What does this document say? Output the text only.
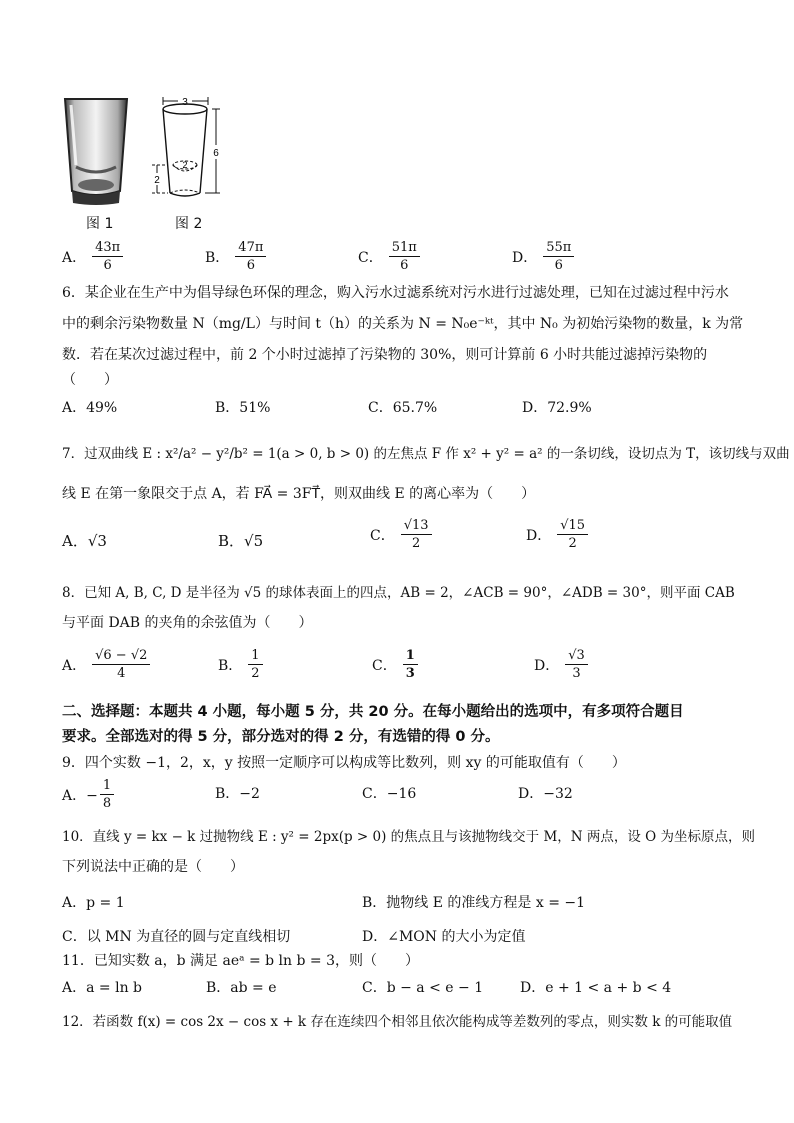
图 1
3
2
6
2
图 2
A． $\frac{43\pi}{6}$	B． $\frac{47\pi}{6}$	C． $\frac{51\pi}{6}$	D． $\frac{55\pi}{6}$
6．某企业在生产中为倡导绿色环保的理念，购入污水过滤系统对污水进行过滤处理，已知在过滤过程中污水
中的剩余污染物数量 N（mg/L）与时间 t（h）的关系为 N = N₀e⁻ᵏᵗ，其中 N₀ 为初始污染物的数量，k 为常
数．若在某次过滤过程中，前 2 个小时过滤掉了污染物的 30%，则可计算前 6 小时共能过滤掉污染物的
（　　）
A．49%	B．51%	C．65.7%	D．72.9%
7．过双曲线 E : x²/a² − y²/b² = 1(a > 0, b > 0) 的左焦点 F 作 x² + y² = a² 的一条切线，设切点为 T，该切线与双曲
线 E 在第一象限交于点 A，若 FA⃗ = 3FT⃗，则双曲线 E 的离心率为（　　）
A．√3	B．√5	C． $\frac{√13}{2}$	D． $\frac{√15}{2}$
8．已知 A, B, C, D 是半径为 √5 的球体表面上的四点，AB = 2，∠ACB = 90°，∠ADB = 30°，则平面 CAB
与平面 DAB 的夹角的余弦值为（　　）
A． $\frac{√6 - √2}{4}$	B． $\frac{1}{2}$	C． $\frac{1}{3}$	D． $\frac{√3}{3}$
二、选择题：本题共 4 小题，每小题 5 分，共 20 分。在每小题给出的选项中，有多项符合题目
要求。全部选对的得 5 分，部分选对的得 2 分，有选错的得 0 分。
9．四个实数 −1，2，x，y 按照一定顺序可以构成等比数列，则 xy 的可能取值有（　　）
A．− $\frac{1}{8}$	B．−2	C．−16	D．−32
10．直线 y = kx − k 过抛物线 E : y² = 2px(p > 0) 的焦点且与该抛物线交于 M，N 两点，设 O 为坐标原点，则
下列说法中正确的是（　　）
A．p = 1	B．抛物线 E 的准线方程是 x = −1
C．以 MN 为直径的圆与定直线相切	D．∠MON 的大小为定值
11．已知实数 a，b 满足 aeᵃ = b ln b = 3，则（　　）
A．a = ln b	B．ab = e	C．b − a < e − 1	D．e + 1 < a + b < 4
12．若函数 f(x) = cos 2x − cos x + k 存在连续四个相邻且依次能构成等差数列的零点，则实数 k 的可能取值
